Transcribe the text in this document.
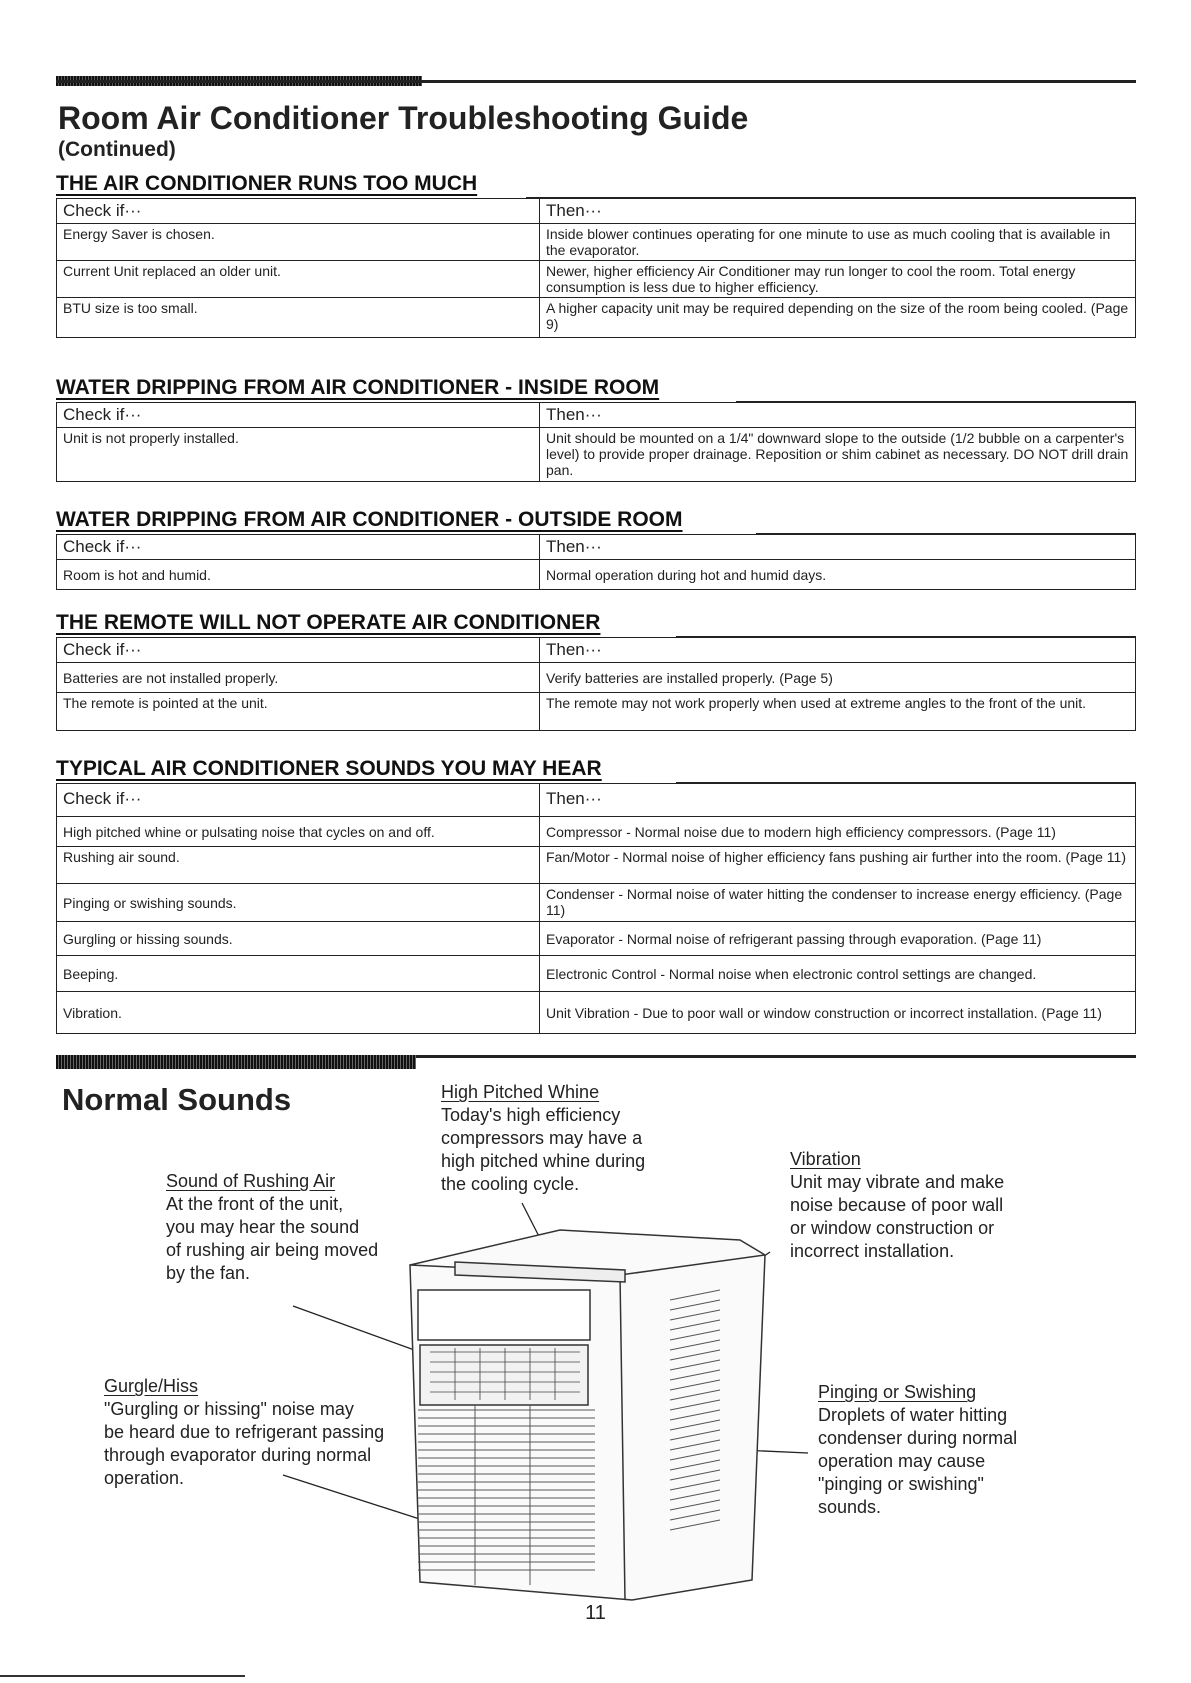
Room Air Conditioner Troubleshooting Guide
(Continued)
THE AIR CONDITIONER RUNS TOO MUCH
Check if···	Then···
Energy Saver is chosen.	Inside blower continues operating for one minute to use as much cooling that is available in the evaporator.
Current Unit replaced an older unit.	Newer, higher efficiency Air Conditioner may run longer to cool the room. Total energy consumption is less due to higher efficiency.
BTU size is too small.	A higher capacity unit may be required depending on the size of the room being cooled. (Page 9)
WATER DRIPPING FROM AIR CONDITIONER - INSIDE ROOM
Check if···	Then···
Unit is not properly installed.	Unit should be mounted on a 1/4" downward slope to the outside (1/2 bubble on a carpenter's level) to provide proper drainage. Reposition or shim cabinet as necessary. DO NOT drill drain pan.
WATER DRIPPING FROM AIR CONDITIONER - OUTSIDE ROOM
Check if···	Then···
Room is hot and humid.	Normal operation during hot and humid days.
THE REMOTE WILL NOT OPERATE AIR CONDITIONER
Check if···	Then···
Batteries are not installed properly.	Verify batteries are installed properly. (Page 5)
The remote is pointed at the unit.	The remote may not work properly when used at extreme angles to the front of the unit.
TYPICAL AIR CONDITIONER SOUNDS YOU MAY HEAR
Check if···	Then···
High pitched whine or pulsating noise that cycles on and off.	Compressor - Normal noise due to modern high efficiency compressors. (Page 11)
Rushing air sound.	Fan/Motor - Normal noise of higher efficiency fans pushing air further into the room. (Page 11)
Pinging or swishing sounds.	Condenser - Normal noise of water hitting the condenser to increase energy efficiency. (Page 11)
Gurgling or hissing sounds.	Evaporator - Normal noise of refrigerant passing through evaporation. (Page 11)
Beeping.	Electronic Control - Normal noise when electronic control settings are changed.
Vibration.	Unit Vibration - Due to poor wall or window construction or incorrect installation. (Page 11)
Normal Sounds	High Pitched Whine
Today's high efficiency
compressors may have a
high pitched whine during
the cooling cycle.
Sound of Rushing Air
At the front of the unit,
you may hear the sound
of rushing air being moved
by the fan.
Gurgle/Hiss
"Gurgling or hissing" noise may
be heard due to refrigerant passing
through evaporator during normal
operation.
Vibration
Unit may vibrate and make
noise because of poor wall
or window construction or
incorrect installation.
Pinging or Swishing
Droplets of water hitting
condenser during normal
operation may cause
"pinging or swishing"
sounds.
11
